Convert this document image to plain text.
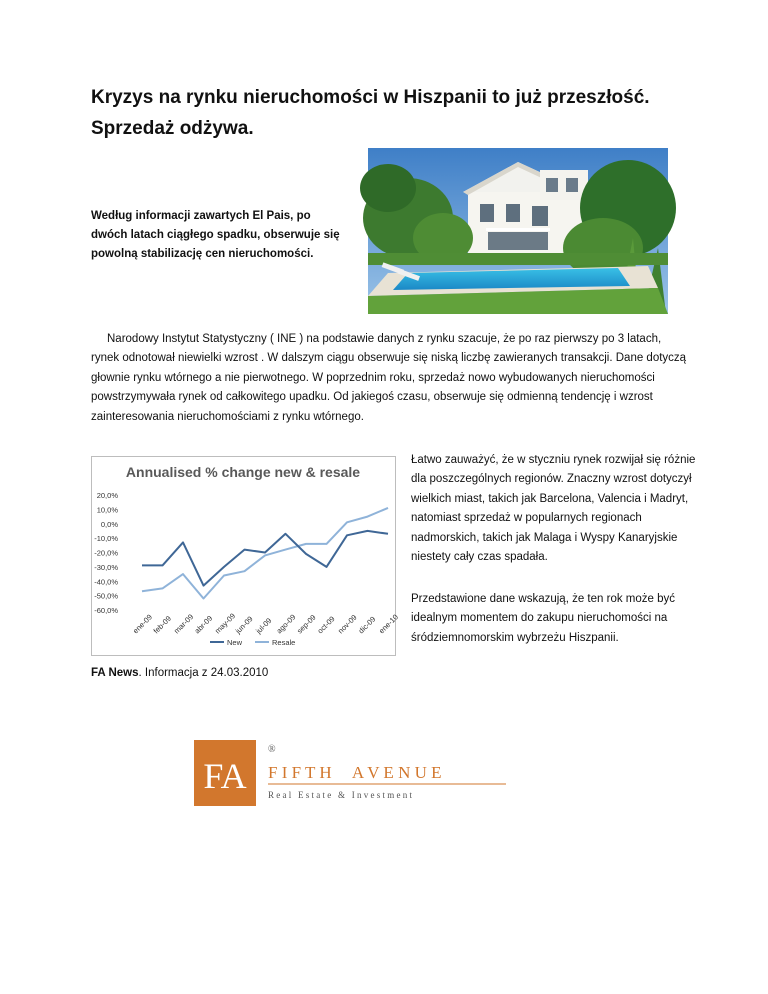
Kryzys na rynku nieruchomości w Hiszpanii to już przeszłość.
Sprzedaż odżywa.

Według informacji zawartych El Pais, po dwóch latach ciągłego spadku, obserwuje się powolną stabilizację cen nieruchomości.

Narodowy Instytut Statystyczny ( INE ) na podstawie danych z rynku szacuje, że po raz pierwszy po 3 latach, rynek odnotował niewielki wzrost . W dalszym ciągu obserwuje się niską liczbę zawieranych transakcji. Dane dotyczą głownie rynku wtórnego a nie pierwotnego. W poprzednim roku, sprzedaż nowo wybudowanych nieruchomości powstrzymywała rynek od całkowitego upadku. Od jakiegoś czasu, obserwuje się odmienną tendencję i wzrost zainteresowania nieruchomościami z rynku wtórnego.

Annualised % change new & resale
20,0%
10,0%
0,0%
-10,0%
-20,0%
-30,0%
-40,0%
-50,0%
-60,0%
ene-09
feb-09 mar-09
abr-09
may-09
jun-09 jul-09 ago-09
sep-09
oct-09 nov-09
dic-09 ene-10
New	Resale

Łatwo zauważyć, że w styczniu rynek rozwijał się różnie dla poszczególnych regionów. Znaczny wzrost dotyczył wielkich miast, takich jak Barcelona, Valencia i Madryt, natomiast sprzedaż w popularnych regionach nadmorskich, takich jak Malaga i Wyspy Kanaryjskie niestety cały czas spadała.

Przedstawione dane wskazują, że ten rok może być idealnym momentem do zakupu nieruchomości na śródziemnomorskim wybrzeżu Hiszpanii.

FA News. Informacja z 24.03.2010

FA
®
F I F T H     A V E N U E
R e a l   E s t a t e   &   I n v e s t m e n t
